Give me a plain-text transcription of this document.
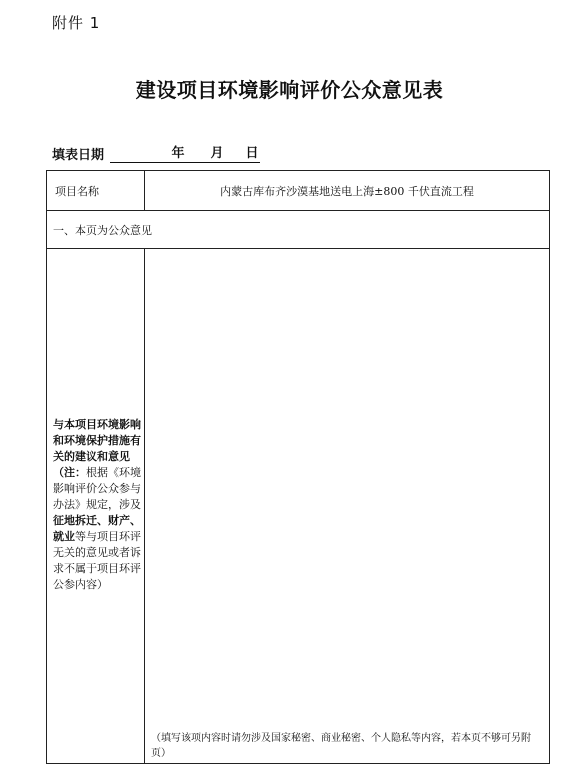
附件 1
建设项目环境影响评价公众意见表
填表日期	年	月 日
项目名称	内蒙古库布齐沙漠基地送电上海±800 千伏直流工程
一、本页为公众意见
与本项目环境影响和环境保护措施有关的建议和意见（注：根据《环境影响评价公众参与办法》规定，涉及征地拆迁、财产、就业等与项目环评无关的意见或者诉求不属于项目环评公参内容）
（填写该项内容时请勿涉及国家秘密、商业秘密、个人隐私等内容，若本页不够可另附页）
